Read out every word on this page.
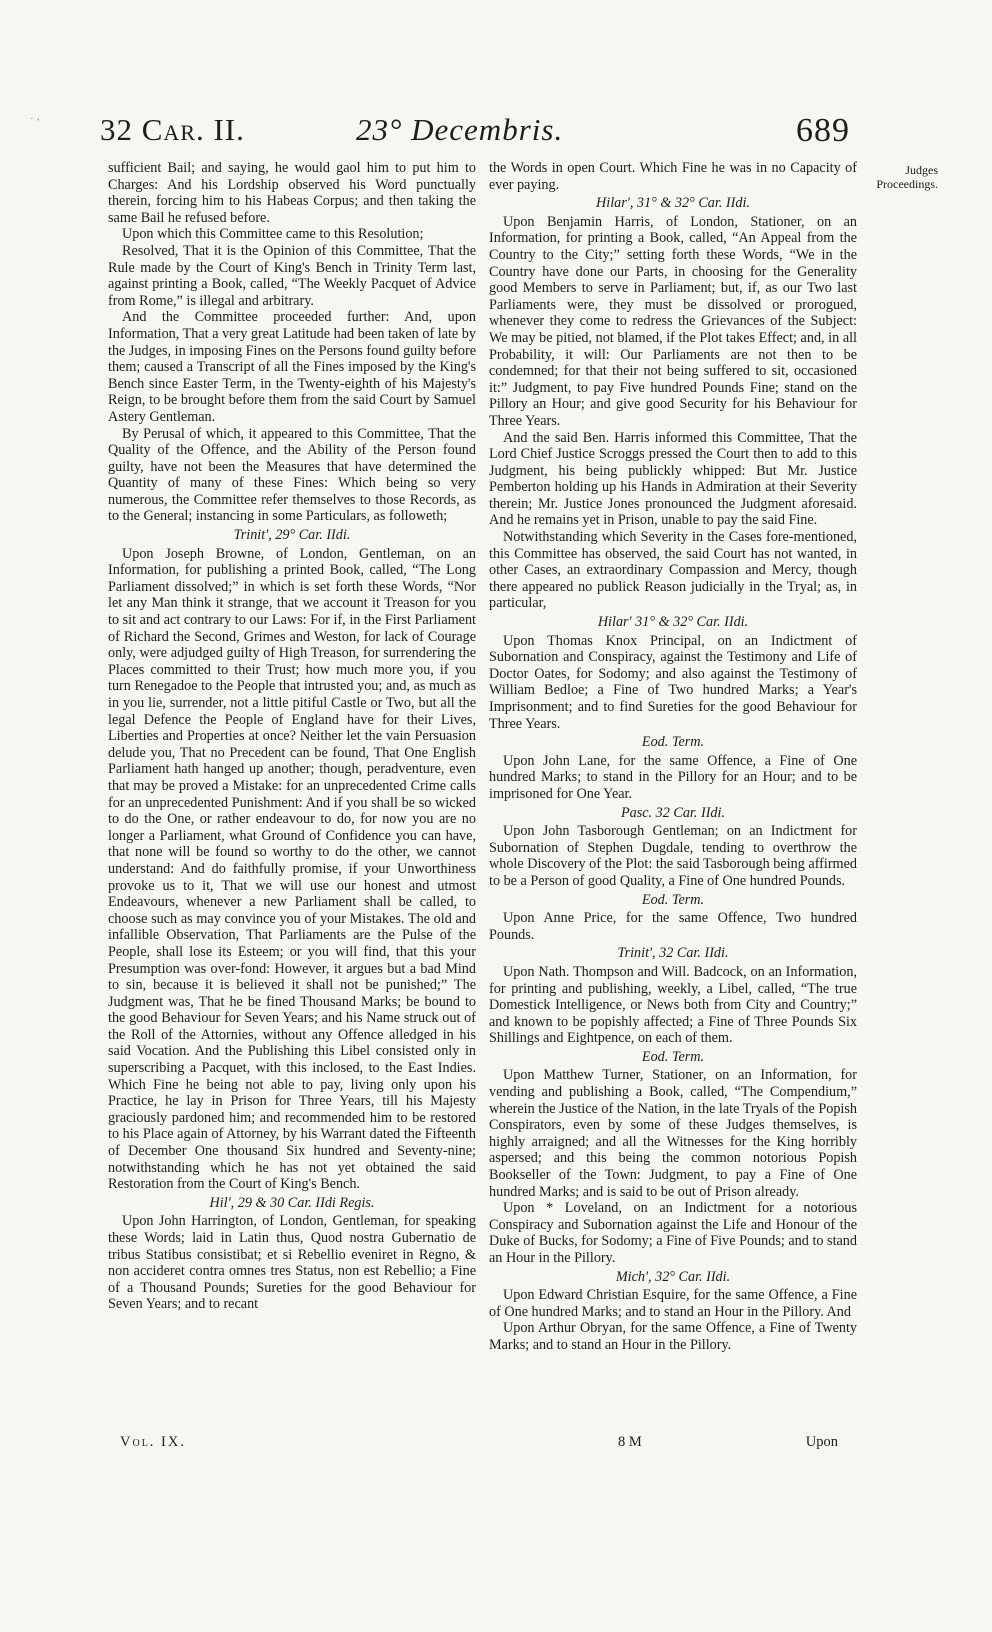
˙ ‘ 32 Car. II.	23° Decembris.	689

sufficient Bail; and saying, he would gaol him to put him to Charges: And his Lordship observed his Word punctually therein, forcing him to his Habeas Corpus; and then taking the same Bail he refused before.

Upon which this Committee came to this Resolution;

Resolved, That it is the Opinion of this Committee, That the Rule made by the Court of King's Bench in Trinity Term last, against printing a Book, called, “The Weekly Pacquet of Advice from Rome,” is illegal and arbitrary.

And the Committee proceeded further: And, upon Information, That a very great Latitude had been taken of late by the Judges, in imposing Fines on the Persons found guilty before them; caused a Transcript of all the Fines imposed by the King's Bench since Easter Term, in the Twenty-eighth of his Majesty's Reign, to be brought before them from the said Court by Samuel Astery Gentleman.

By Perusal of which, it appeared to this Committee, That the Quality of the Offence, and the Ability of the Person found guilty, have not been the Measures that have determined the Quantity of many of these Fines: Which being so very numerous, the Committee refer themselves to those Records, as to the General; instancing in some Particulars, as followeth;

Trinit', 29° Car. IIdi.

Upon Joseph Browne, of London, Gentleman, on an Information, for publishing a printed Book, called, “The Long Parliament dissolved;” in which is set forth these Words, “Nor let any Man think it strange, that we account it Treason for you to sit and act contrary to our Laws: For if, in the First Parliament of Richard the Second, Grimes and Weston, for lack of Courage only, were adjudged guilty of High Treason, for surrendering the Places committed to their Trust; how much more you, if you turn Renegadoe to the People that intrusted you; and, as much as in you lie, surrender, not a little pitiful Castle or Two, but all the legal Defence the People of England have for their Lives, Liberties and Properties at once? Neither let the vain Persuasion delude you, That no Precedent can be found, That One English Parliament hath hanged up another; though, peradventure, even that may be proved a Mistake: for an unprecedented Crime calls for an unprecedented Punishment: And if you shall be so wicked to do the One, or rather endeavour to do, for now you are no longer a Parliament, what Ground of Confidence you can have, that none will be found so worthy to do the other, we cannot understand: And do faithfully promise, if your Unworthiness provoke us to it, That we will use our honest and utmost Endeavours, whenever a new Parliament shall be called, to choose such as may convince you of your Mistakes. The old and infallible Observation, That Parliaments are the Pulse of the People, shall lose its Esteem; or you will find, that this your Presumption was over-fond: However, it argues but a bad Mind to sin, because it is believed it shall not be punished;” The Judgment was, That he be fined Thousand Marks; be bound to the good Behaviour for Seven Years; and his Name struck out of the Roll of the Attornies, without any Offence alledged in his said Vocation. And the Publishing this Libel consisted only in superscribing a Pacquet, with this inclosed, to the East Indies. Which Fine he being not able to pay, living only upon his Practice, he lay in Prison for Three Years, till his Majesty graciously pardoned him; and recommended him to be restored to his Place again of Attorney, by his Warrant dated the Fifteenth of December One thousand Six hundred and Seventy-nine; notwithstanding which he has not yet obtained the said Restoration from the Court of King's Bench.

Hil', 29 & 30 Car. IIdi Regis.

Upon John Harrington, of London, Gentleman, for speaking these Words; laid in Latin thus, Quod nostra Gubernatio de tribus Statibus consistibat; et si Rebellio eveniret in Regno, & non accideret contra omnes tres Status, non est Rebellio; a Fine of a Thousand Pounds; Sureties for the good Behaviour for Seven Years; and to recant

the Words in open Court. Which Fine he was in no Capacity of ever paying.

Hilar', 31° & 32° Car. IIdi.

Upon Benjamin Harris, of London, Stationer, on an Information, for printing a Book, called, “An Appeal from the Country to the City;” setting forth these Words, “We in the Country have done our Parts, in choosing for the Generality good Members to serve in Parliament; but, if, as our Two last Parliaments were, they must be dissolved or prorogued, whenever they come to redress the Grievances of the Subject: We may be pitied, not blamed, if the Plot takes Effect; and, in all Probability, it will: Our Parliaments are not then to be condemned; for that their not being suffered to sit, occasioned it:” Judgment, to pay Five hundred Pounds Fine; stand on the Pillory an Hour; and give good Security for his Behaviour for Three Years.

And the said Ben. Harris informed this Committee, That the Lord Chief Justice Scroggs pressed the Court then to add to this Judgment, his being publickly whipped: But Mr. Justice Pemberton holding up his Hands in Admiration at their Severity therein; Mr. Justice Jones pronounced the Judgment aforesaid. And he remains yet in Prison, unable to pay the said Fine.

Notwithstanding which Severity in the Cases fore-mentioned, this Committee has observed, the said Court has not wanted, in other Cases, an extraordinary Compassion and Mercy, though there appeared no publick Reason judicially in the Tryal; as, in particular,

Hilar' 31° & 32° Car. IIdi.

Upon Thomas Knox Principal, on an Indictment of Subornation and Conspiracy, against the Testimony and Life of Doctor Oates, for Sodomy; and also against the Testimony of William Bedloe; a Fine of Two hundred Marks; a Year's Imprisonment; and to find Sureties for the good Behaviour for Three Years.

Eod. Term.

Upon John Lane, for the same Offence, a Fine of One hundred Marks; to stand in the Pillory for an Hour; and to be imprisoned for One Year.

Pasc. 32 Car. IIdi.

Upon John Tasborough Gentleman; on an Indictment for Subornation of Stephen Dugdale, tending to overthrow the whole Discovery of the Plot: the said Tasborough being affirmed to be a Person of good Quality, a Fine of One hundred Pounds.

Eod. Term.

Upon Anne Price, for the same Offence, Two hundred Pounds.

Trinit', 32 Car. IIdi.

Upon Nath. Thompson and Will. Badcock, on an Information, for printing and publishing, weekly, a Libel, called, “The true Domestick Intelligence, or News both from City and Country;” and known to be popishly affected; a Fine of Three Pounds Six Shillings and Eightpence, on each of them.

Eod. Term.

Upon Matthew Turner, Stationer, on an Information, for vending and publishing a Book, called, “The Compendium,” wherein the Justice of the Nation, in the late Tryals of the Popish Conspirators, even by some of these Judges themselves, is highly arraigned; and all the Witnesses for the King horribly aspersed; and this being the common notorious Popish Bookseller of the Town: Judgment, to pay a Fine of One hundred Marks; and is said to be out of Prison already.

Upon * Loveland, on an Indictment for a notorious Conspiracy and Subornation against the Life and Honour of the Duke of Bucks, for Sodomy; a Fine of Five Pounds; and to stand an Hour in the Pillory.

Mich', 32° Car. IIdi.

Upon Edward Christian Esquire, for the same Offence, a Fine of One hundred Marks; and to stand an Hour in the Pillory. And

Upon Arthur Obryan, for the same Offence, a Fine of Twenty Marks; and to stand an Hour in the Pillory.

Judges Proceedings.
Vol. IX.	8 M	Upon
